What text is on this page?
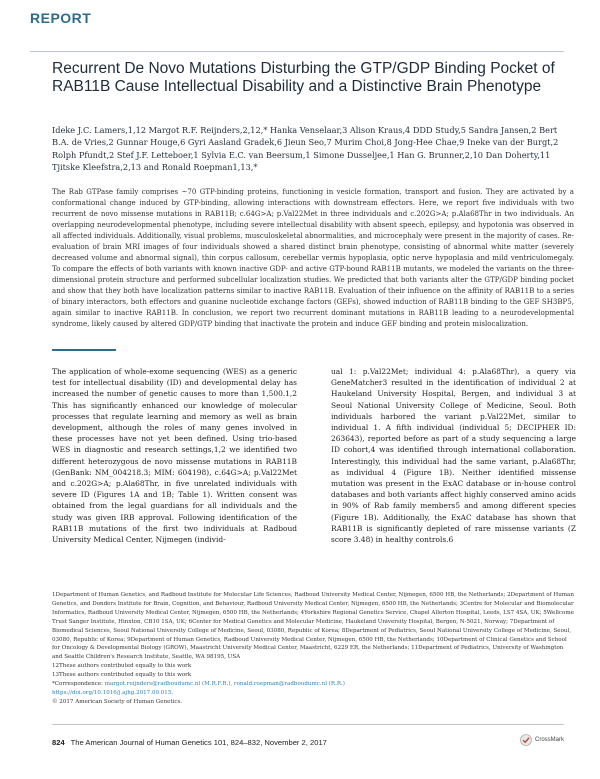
REPORT
Recurrent De Novo Mutations Disturbing the GTP/GDP Binding Pocket of RAB11B Cause Intellectual Disability and a Distinctive Brain Phenotype
Ideke J.C. Lamers,1,12 Margot R.F. Reijnders,2,12,* Hanka Venselaar,3 Alison Kraus,4 DDD Study,5 Sandra Jansen,2 Bert B.A. de Vries,2 Gunnar Houge,6 Gyri Aasland Gradek,6 Jieun Seo,7 Murim Choi,8 Jong-Hee Chae,9 Ineke van der Burgt,2 Rolph Pfundt,2 Stef J.F. Letteboer,1 Sylvia E.C. van Beersum,1 Simone Dusseljee,1 Han G. Brunner,2,10 Dan Doherty,11 Tjitske Kleefstra,2,13 and Ronald Roepman1,13,*
The Rab GTPase family comprises ~70 GTP-binding proteins, functioning in vesicle formation, transport and fusion. They are activated by a conformational change induced by GTP-binding, allowing interactions with downstream effectors. Here, we report five individuals with two recurrent de novo missense mutations in RAB11B; c.64G>A; p.Val22Met in three individuals and c.202G>A; p.Ala68Thr in two individuals. An overlapping neurodevelopmental phenotype, including severe intellectual disability with absent speech, epilepsy, and hypotonia was observed in all affected individuals. Additionally, visual problems, musculoskeletal abnormalities, and microcephaly were present in the majority of cases. Re-evaluation of brain MRI images of four individuals showed a shared distinct brain phenotype, consisting of abnormal white matter (severely decreased volume and abnormal signal), thin corpus callosum, cerebellar vermis hypoplasia, optic nerve hypoplasia and mild ventriculomegaly. To compare the effects of both variants with known inactive GDP- and active GTP-bound RAB11B mutants, we modeled the variants on the three-dimensional protein structure and performed subcellular localization studies. We predicted that both variants alter the GTP/GDP binding pocket and show that they both have localization patterns similar to inactive RAB11B. Evaluation of their influence on the affinity of RAB11B to a series of binary interactors, both effectors and guanine nucleotide exchange factors (GEFs), showed induction of RAB11B binding to the GEF SH3BP5, again similar to inactive RAB11B. In conclusion, we report two recurrent dominant mutations in RAB11B leading to a neurodevelopmental syndrome, likely caused by altered GDP/GTP binding that inactivate the protein and induce GEF binding and protein mislocalization.

The application of whole-exome sequencing (WES) as a generic test for intellectual disability (ID) and developmental delay has increased the number of genetic causes to more than 1,500.1,2 This has significantly enhanced our knowledge of molecular processes that regulate learning and memory as well as brain development, although the roles of many genes involved in these processes have not yet been defined. Using trio-based WES in diagnostic and research settings,1,2 we identified two different heterozygous de novo missense mutations in RAB11B (GenBank: NM_004218.3; MIM: 604198), c.64G>A; p.Val22Met and c.202G>A; p.Ala68Thr, in five unrelated individuals with severe ID (Figures 1A and 1B; Table 1). Written consent was obtained from the legal guardians for all individuals and the study was given IRB approval. Following identification of the RAB11B mutations of the first two individuals at Radboud University Medical Center, Nijmegen (individ-

ual 1: p.Val22Met; individual 4: p.Ala68Thr), a query via GeneMatcher3 resulted in the identification of individual 2 at Haukeland University Hospital, Bergen, and individual 3 at Seoul National University College of Medicine, Seoul. Both individuals harbored the variant p.Val22Met, similar to individual 1. A fifth individual (individual 5; DECIPHER ID: 263643), reported before as part of a study sequencing a large ID cohort,4 was identified through international collaboration. Interestingly, this individual had the same variant, p.Ala68Thr, as individual 4 (Figure 1B). Neither identified missense mutation was present in the ExAC database or in-house control databases and both variants affect highly conserved amino acids in 90% of Rab family members5 and among different species (Figure 1B). Additionally, the ExAC database has shown that RAB11B is significantly depleted of rare missense variants (Z score 3.48) in healthy controls.6

1Department of Human Genetics, and Radboud Institute for Molecular Life Sciences, Radboud University Medical Center, Nijmegen, 6500 HB, the Netherlands; 2Department of Human Genetics, and Donders Institute for Brain, Cognition, and Behaviour, Radboud University Medical Center, Nijmegen, 6500 HB, the Netherlands; 3Centre for Molecular and Biomolecular Informatics, Radboud University Medical Center, Nijmegen, 6500 HB, the Netherlands; 4Yorkshire Regional Genetics Service, Chapel Allerton Hospital, Leeds, LS7 4SA, UK; 5Wellcome Trust Sanger Institute, Hinxton, CB10 1SA, UK; 6Center for Medical Genetics and Molecular Medicine, Haukeland University Hospital, Bergen, N-5021, Norway; 7Department of Biomedical Sciences, Seoul National University College of Medicine, Seoul, 03080, Republic of Korea; 8Department of Pediatrics, Seoul National University College of Medicine, Seoul, 03080, Republic of Korea; 9Department of Human Genetics, Radboud University Medical Center, Nijmegen, 6500 HB, the Netherlands; 10Department of Clinical Genetics and School for Oncology & Developmental Biology (GROW), Maastricht University Medical Center, Maastricht, 6229 ER, the Netherlands; 11Department of Pediatrics, University of Washington and Seattle Children's Research Institute, Seattle, WA 98195, USA

12These authors contributed equally to this work

13These authors contributed equally to this work

*Correspondence: margot.reijnders@radboudumc.nl (M.R.F.R.), ronald.roepman@radboudumc.nl (R.R.)

https://doi.org/10.1016/j.ajhg.2017.09.015.

© 2017 American Society of Human Genetics.

824 The American Journal of Human Genetics 101, 824–832, November 2, 2017	CrossMark
